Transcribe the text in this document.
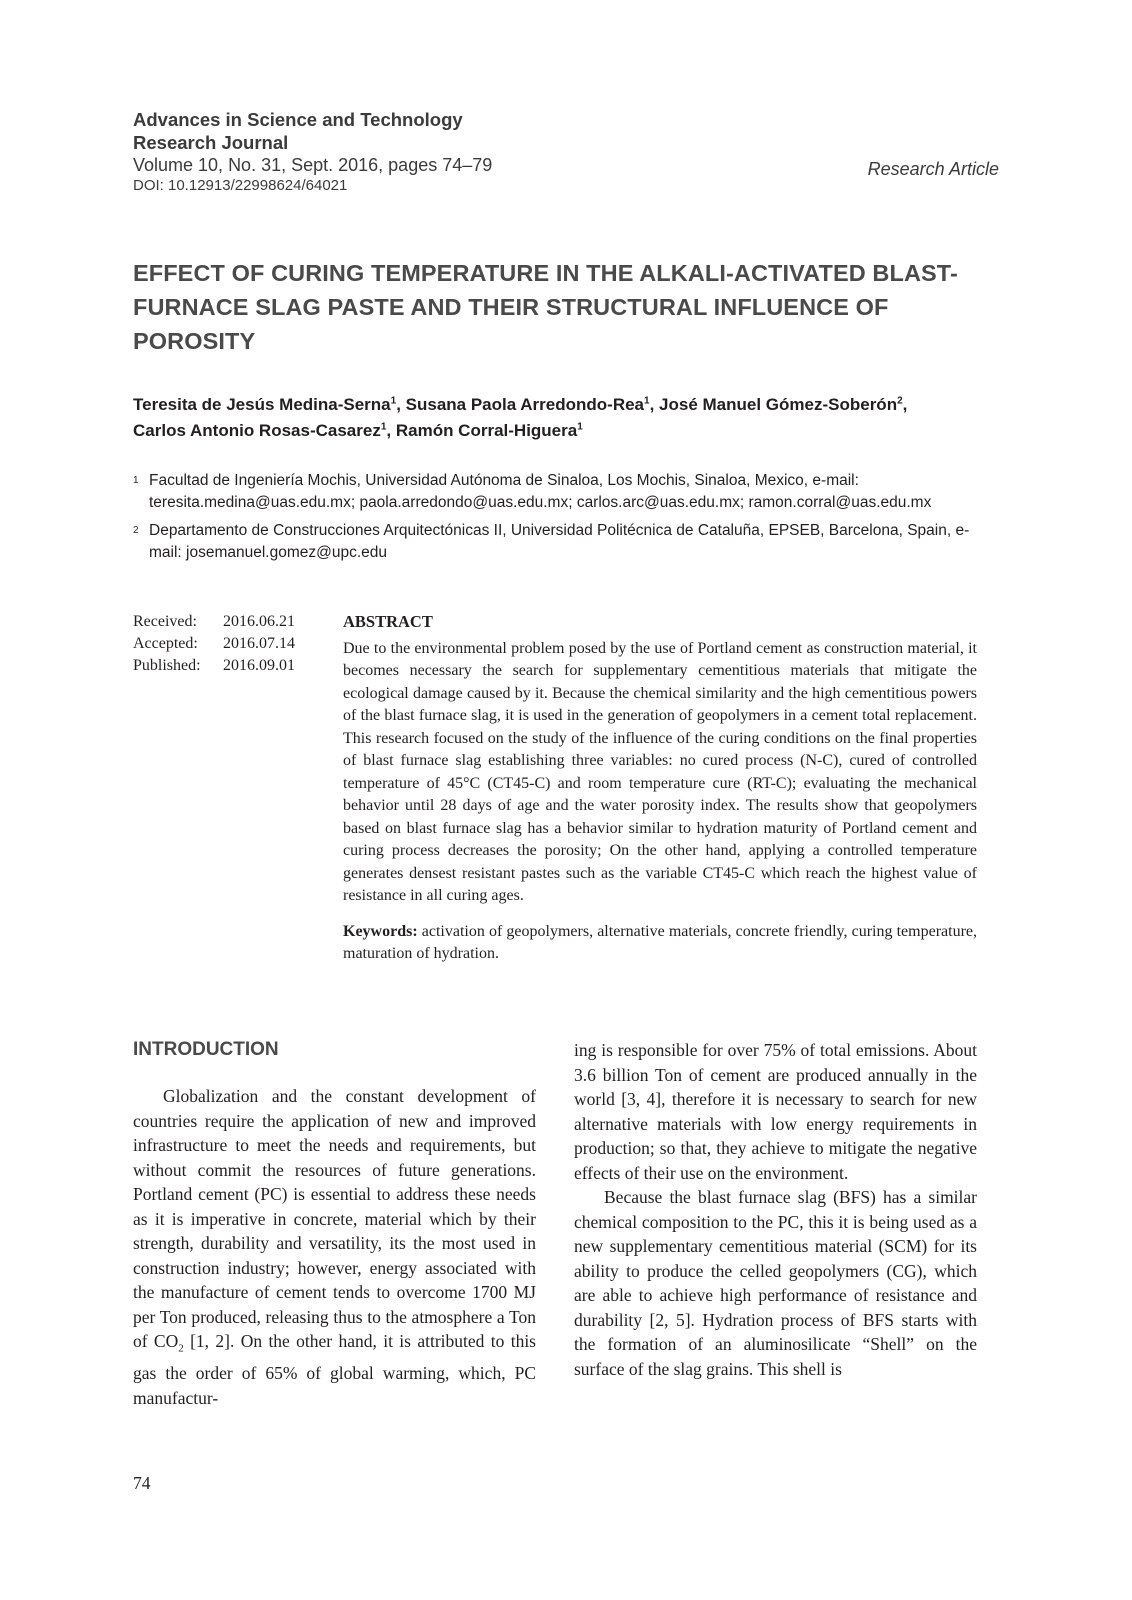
Advances in Science and Technology
Research Journal
Volume 10, No. 31, Sept. 2016, pages 74–79
DOI: 10.12913/22998624/64021
Research Article
EFFECT OF CURING TEMPERATURE IN THE ALKALI-ACTIVATED BLAST-FURNACE SLAG PASTE AND THEIR STRUCTURAL INFLUENCE OF POROSITY
Teresita de Jesús Medina-Serna$^1$, Susana Paola Arredondo-Rea$^1$, José Manuel Gómez-Soberón$^2$,
Carlos Antonio Rosas-Casarez$^1$, Ramón Corral-Higuera$^1$
1 Facultad de Ingeniería Mochis, Universidad Autónoma de Sinaloa, Los Mochis, Sinaloa, Mexico, e-mail: teresita.medina@uas.edu.mx; paola.arredondo@uas.edu.mx; carlos.arc@uas.edu.mx; ramon.corral@uas.edu.mx
2 Departamento de Construcciones Arquitectónicas II, Universidad Politécnica de Cataluña, EPSEB, Barcelona, Spain, e-mail: josemanuel.gomez@upc.edu
Received:	2016.06.21
Accepted:	2016.07.14
Published:	2016.09.01
ABSTRACT

Due to the environmental problem posed by the use of Portland cement as construction material, it becomes necessary the search for supplementary cementitious materials that mitigate the ecological damage caused by it. Because the chemical similarity and the high cementitious powers of the blast furnace slag, it is used in the generation of geopolymers in a cement total replacement. This research focused on the study of the influence of the curing conditions on the final properties of blast furnace slag establishing three variables: no cured process (N-C), cured of controlled temperature of 45°C (CT45-C) and room temperature cure (RT-C); evaluating the mechanical behavior until 28 days of age and the water porosity index. The results show that geopolymers based on blast furnace slag has a behavior similar to hydration maturity of Portland cement and curing process decreases the porosity; On the other hand, applying a controlled temperature generates densest resistant pastes such as the variable CT45-C which reach the highest value of resistance in all curing ages.

Keywords: activation of geopolymers, alternative materials, concrete friendly, curing temperature, maturation of hydration.
INTRODUCTION

Globalization and the constant development of countries require the application of new and improved infrastructure to meet the needs and requirements, but without commit the resources of future generations. Portland cement (PC) is essential to address these needs as it is imperative in concrete, material which by their strength, durability and versatility, its the most used in construction industry; however, energy associated with the manufacture of cement tends to overcome 1700 MJ per Ton produced, releasing thus to the atmosphere a Ton of $CO_2$ [1, 2]. On the other hand, it is attributed to this gas the order of 65% of global warming, which, PC manufactur-

ing is responsible for over 75% of total emissions. About 3.6 billion Ton of cement are produced annually in the world [3, 4], therefore it is necessary to search for new alternative materials with low energy requirements in production; so that, they achieve to mitigate the negative effects of their use on the environment.

Because the blast furnace slag (BFS) has a similar chemical composition to the PC, this it is being used as a new supplementary cementitious material (SCM) for its ability to produce the celled geopolymers (CG), which are able to achieve high performance of resistance and durability [2, 5]. Hydration process of BFS starts with the formation of an aluminosilicate “Shell” on the surface of the slag grains. This shell is

74
